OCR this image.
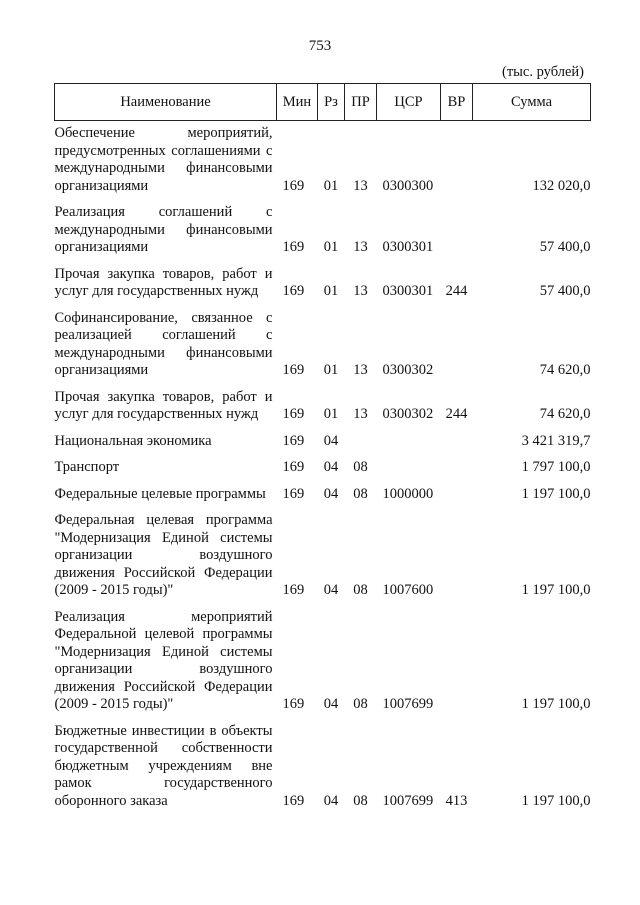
753
(тыс. рублей)
Наименование	Мин	Рз	ПР	ЦСР	ВР	Сумма
Обеспечение мероприятий, предусмотренных соглашениями с международными финансовыми организациями	169	01	13	0300300		132 020,0
Реализация соглашений с международными финансовыми организациями	169	01	13	0300301		57 400,0
Прочая закупка товаров, работ и услуг для государственных нужд	169	01	13	0300301	244	57 400,0
Софинансирование, связанное с реализацией соглашений с международными финансовыми организациями	169	01	13	0300302		74 620,0
Прочая закупка товаров, работ и услуг для государственных нужд	169	01	13	0300302	244	74 620,0
Национальная экономика	169	04				3 421 319,7
Транспорт	169	04	08			1 797 100,0
Федеральные целевые программы	169	04	08	1000000		1 197 100,0
Федеральная целевая программа "Модернизация Единой системы организации воздушного движения Российской Федерации (2009 - 2015 годы)"	169	04	08	1007600		1 197 100,0
Реализация мероприятий Федеральной целевой программы "Модернизация Единой системы организации воздушного движения Российской Федерации (2009 - 2015 годы)"	169	04	08	1007699		1 197 100,0
Бюджетные инвестиции в объекты государственной собственности бюджетным учреждениям вне рамок государственного оборонного заказа	169	04	08	1007699	413	1 197 100,0
